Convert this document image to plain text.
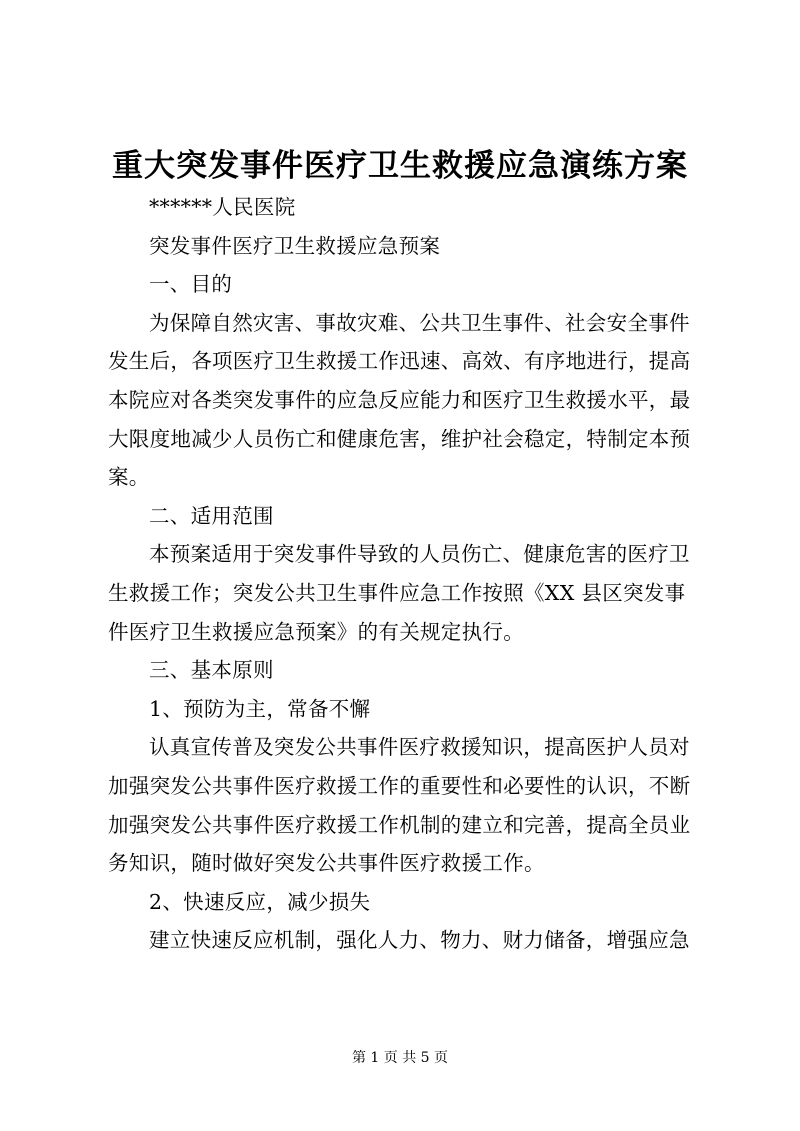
重大突发事件医疗卫生救援应急演练方案
******人民医院
突发事件医疗卫生救援应急预案
一、目的
为保障自然灾害、事故灾难、公共卫生事件、社会安全事件
发生后，各项医疗卫生救援工作迅速、高效、有序地进行，提高
本院应对各类突发事件的应急反应能力和医疗卫生救援水平，最
大限度地减少人员伤亡和健康危害，维护社会稳定，特制定本预
案。
二、适用范围
本预案适用于突发事件导致的人员伤亡、健康危害的医疗卫
生救援工作；突发公共卫生事件应急工作按照《XX 县区突发事
件医疗卫生救援应急预案》的有关规定执行。
三、基本原则
1、预防为主，常备不懈
认真宣传普及突发公共事件医疗救援知识，提高医护人员对
加强突发公共事件医疗救援工作的重要性和必要性的认识，不断
加强突发公共事件医疗救援工作机制的建立和完善，提高全员业
务知识，随时做好突发公共事件医疗救援工作。
2、快速反应，减少损失
建立快速反应机制，强化人力、物力、财力储备，增强应急
第 1 页 共 5 页
